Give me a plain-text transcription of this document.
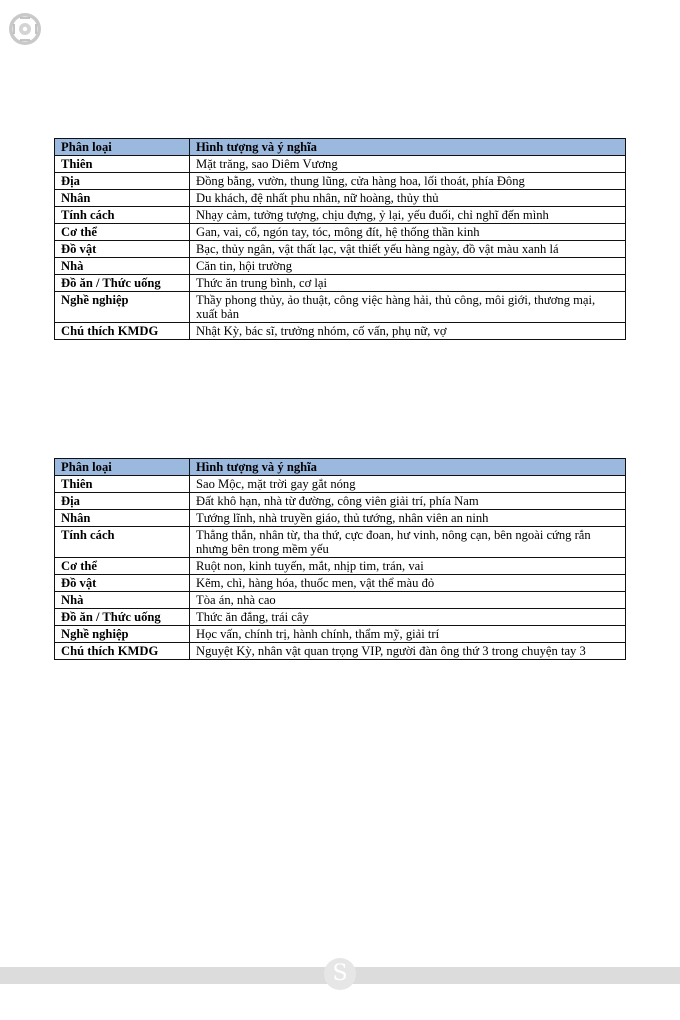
Phân loại	Hình tượng và ý nghĩa
Thiên	Mặt trăng, sao Diêm Vương
Địa	Đồng bằng, vườn, thung lũng, cửa hàng hoa, lối thoát, phía Đông
Nhân	Du khách, đệ nhất phu nhân, nữ hoàng, thủy thủ
Tính cách	Nhạy cảm, tưởng tượng, chịu đựng, ỷ lại, yếu đuối, chỉ nghĩ đến mình
Cơ thể	Gan, vai, cổ, ngón tay, tóc, mông đít, hệ thống thần kinh
Đồ vật	Bạc, thủy ngân, vật thất lạc, vật thiết yếu hàng ngày, đồ vật màu xanh lá
Nhà	Căn tin, hội trường
Đồ ăn / Thức uống	Thức ăn trung bình, cơ lại
Nghề nghiệp	Thầy phong thủy, ảo thuật, công việc hàng hải, thủ công, môi giới, thương mại, xuất bản
Chú thích KMDG	Nhật Kỳ, bác sĩ, trưởng nhóm, cố vấn, phụ nữ, vợ
Phân loại	Hình tượng và ý nghĩa
Thiên	Sao Mộc, mặt trời gay gắt nóng
Địa	Đất khô hạn, nhà từ đường, công viên giải trí, phía Nam
Nhân	Tướng lĩnh, nhà truyền giáo, thủ tướng, nhân viên an ninh
Tính cách	Thẳng thắn, nhân từ, tha thứ, cực đoan, hư vinh, nông cạn, bên ngoài cứng rắn nhưng bên trong mềm yếu
Cơ thể	Ruột non, kinh tuyến, mắt, nhịp tim, trán, vai
Đồ vật	Kẽm, chì, hàng hóa, thuốc men, vật thể màu đỏ
Nhà	Tòa án, nhà cao
Đồ ăn / Thức uống	Thức ăn đắng, trái cây
Nghề nghiệp	Học vấn, chính trị, hành chính, thẩm mỹ, giải trí
Chú thích KMDG	Nguyệt Kỳ, nhân vật quan trọng VIP, người đàn ông thứ 3 trong chuyện tay 3
S
